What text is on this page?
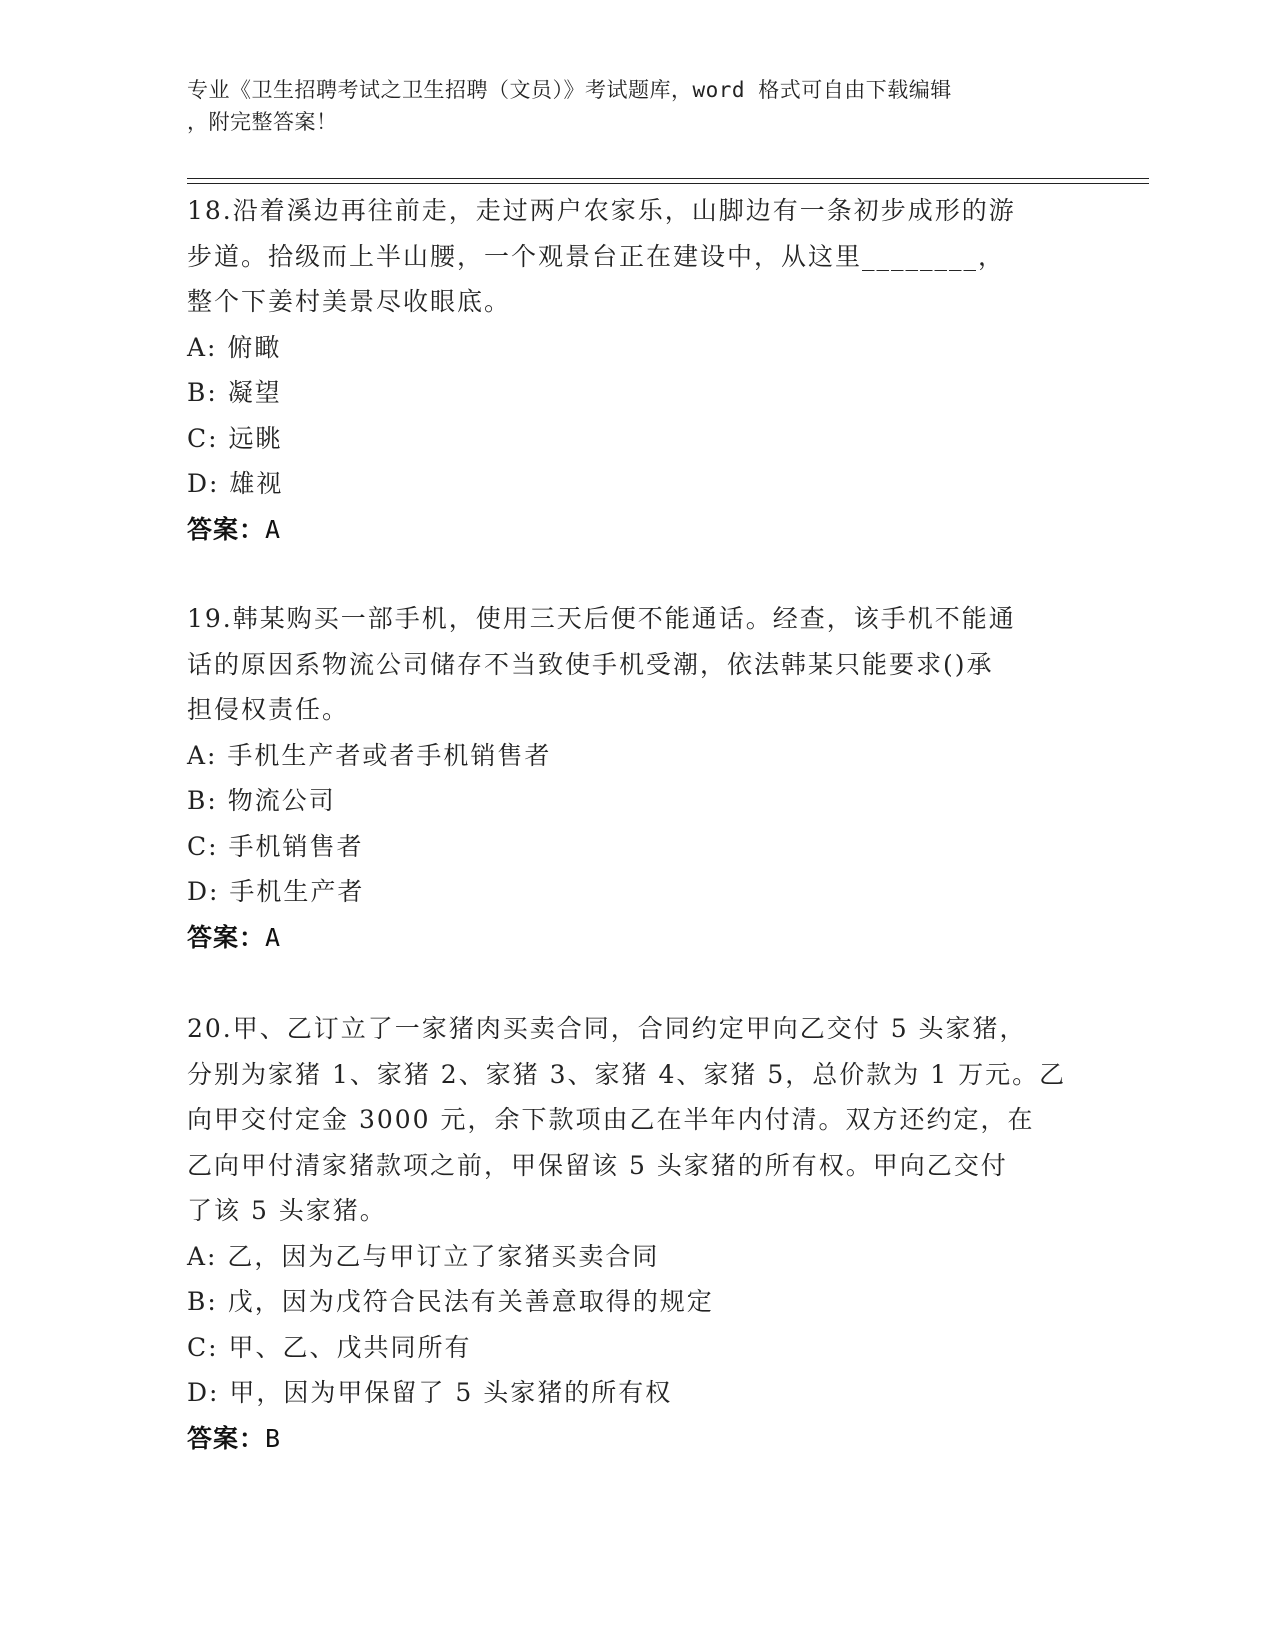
专业《卫生招聘考试之卫生招聘（文员）》考试题库，word 格式可自由下载编辑
，附完整答案！
18.沿着溪边再往前走，走过两户农家乐，山脚边有一条初步成形的游
步道。拾级而上半山腰，一个观景台正在建设中，从这里________，
整个下姜村美景尽收眼底。
A: 俯瞰
B: 凝望
C: 远眺
D: 雄视
答案：A
19.韩某购买一部手机，使用三天后便不能通话。经查，该手机不能通
话的原因系物流公司储存不当致使手机受潮，依法韩某只能要求()承
担侵权责任。
A: 手机生产者或者手机销售者
B: 物流公司
C: 手机销售者
D: 手机生产者
答案：A
20.甲、乙订立了一家猪肉买卖合同，合同约定甲向乙交付 5 头家猪，
分别为家猪 1、家猪 2、家猪 3、家猪 4、家猪 5，总价款为 1 万元。乙
向甲交付定金 3000 元，余下款项由乙在半年内付清。双方还约定，在
乙向甲付清家猪款项之前，甲保留该 5 头家猪的所有权。甲向乙交付
了该 5 头家猪。
A: 乙，因为乙与甲订立了家猪买卖合同
B: 戊，因为戊符合民法有关善意取得的规定
C: 甲、乙、戊共同所有
D: 甲，因为甲保留了 5 头家猪的所有权
答案：B
